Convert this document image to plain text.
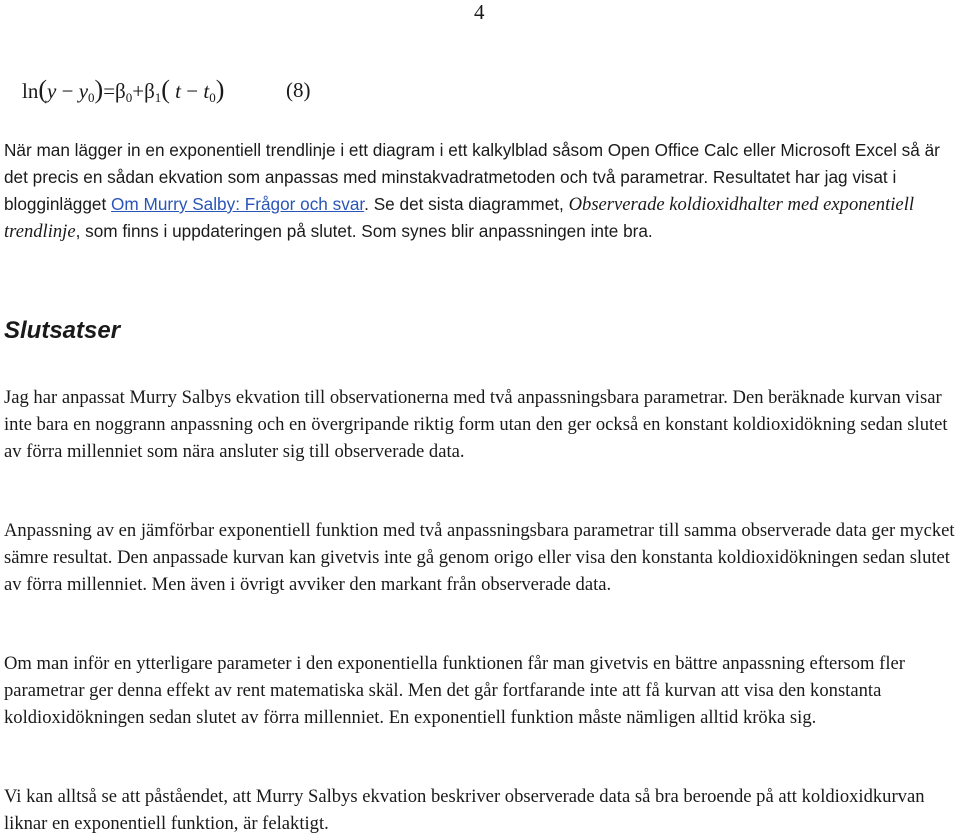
4
$\ln(y - y_0)=\beta_0+\beta_1$( $t - t_0$)	(8)

När man lägger in en exponentiell trendlinje i ett diagram i ett kalkylblad såsom Open Office Calc eller Microsoft Excel så är det precis en sådan ekvation som anpassas med minstakvadratmetoden och två parametrar. Resultatet har jag visat i blogginlägget Om Murry Salby: Frågor och svar. Se det sista diagrammet, Observerade koldioxidhalter med exponentiell trendlinje, som finns i uppdateringen på slutet. Som synes blir anpassningen inte bra.

Slutsatser

Jag har anpassat Murry Salbys ekvation till observationerna med två anpassningsbara parametrar. Den beräknade kurvan visar inte bara en noggrann anpassning och en övergripande riktig form utan den ger också en konstant koldioxidökning sedan slutet av förra millenniet som nära ansluter sig till observerade data.

Anpassning av en jämförbar exponentiell funktion med två anpassningsbara parametrar till samma observerade data ger mycket sämre resultat. Den anpassade kurvan kan givetvis inte gå genom origo eller visa den konstanta koldioxidökningen sedan slutet av förra millenniet. Men även i övrigt avviker den markant från observerade data.

Om man inför en ytterligare parameter i den exponentiella funktionen får man givetvis en bättre anpassning eftersom fler parametrar ger denna effekt av rent matematiska skäl. Men det går fortfarande inte att få kurvan att visa den konstanta koldioxidökningen sedan slutet av förra millenniet. En exponentiell funktion måste nämligen alltid kröka sig.

Vi kan alltså se att påståendet, att Murry Salbys ekvation beskriver observerade data så bra beroende på att koldioxidkurvan liknar en exponentiell funktion, är felaktigt.
